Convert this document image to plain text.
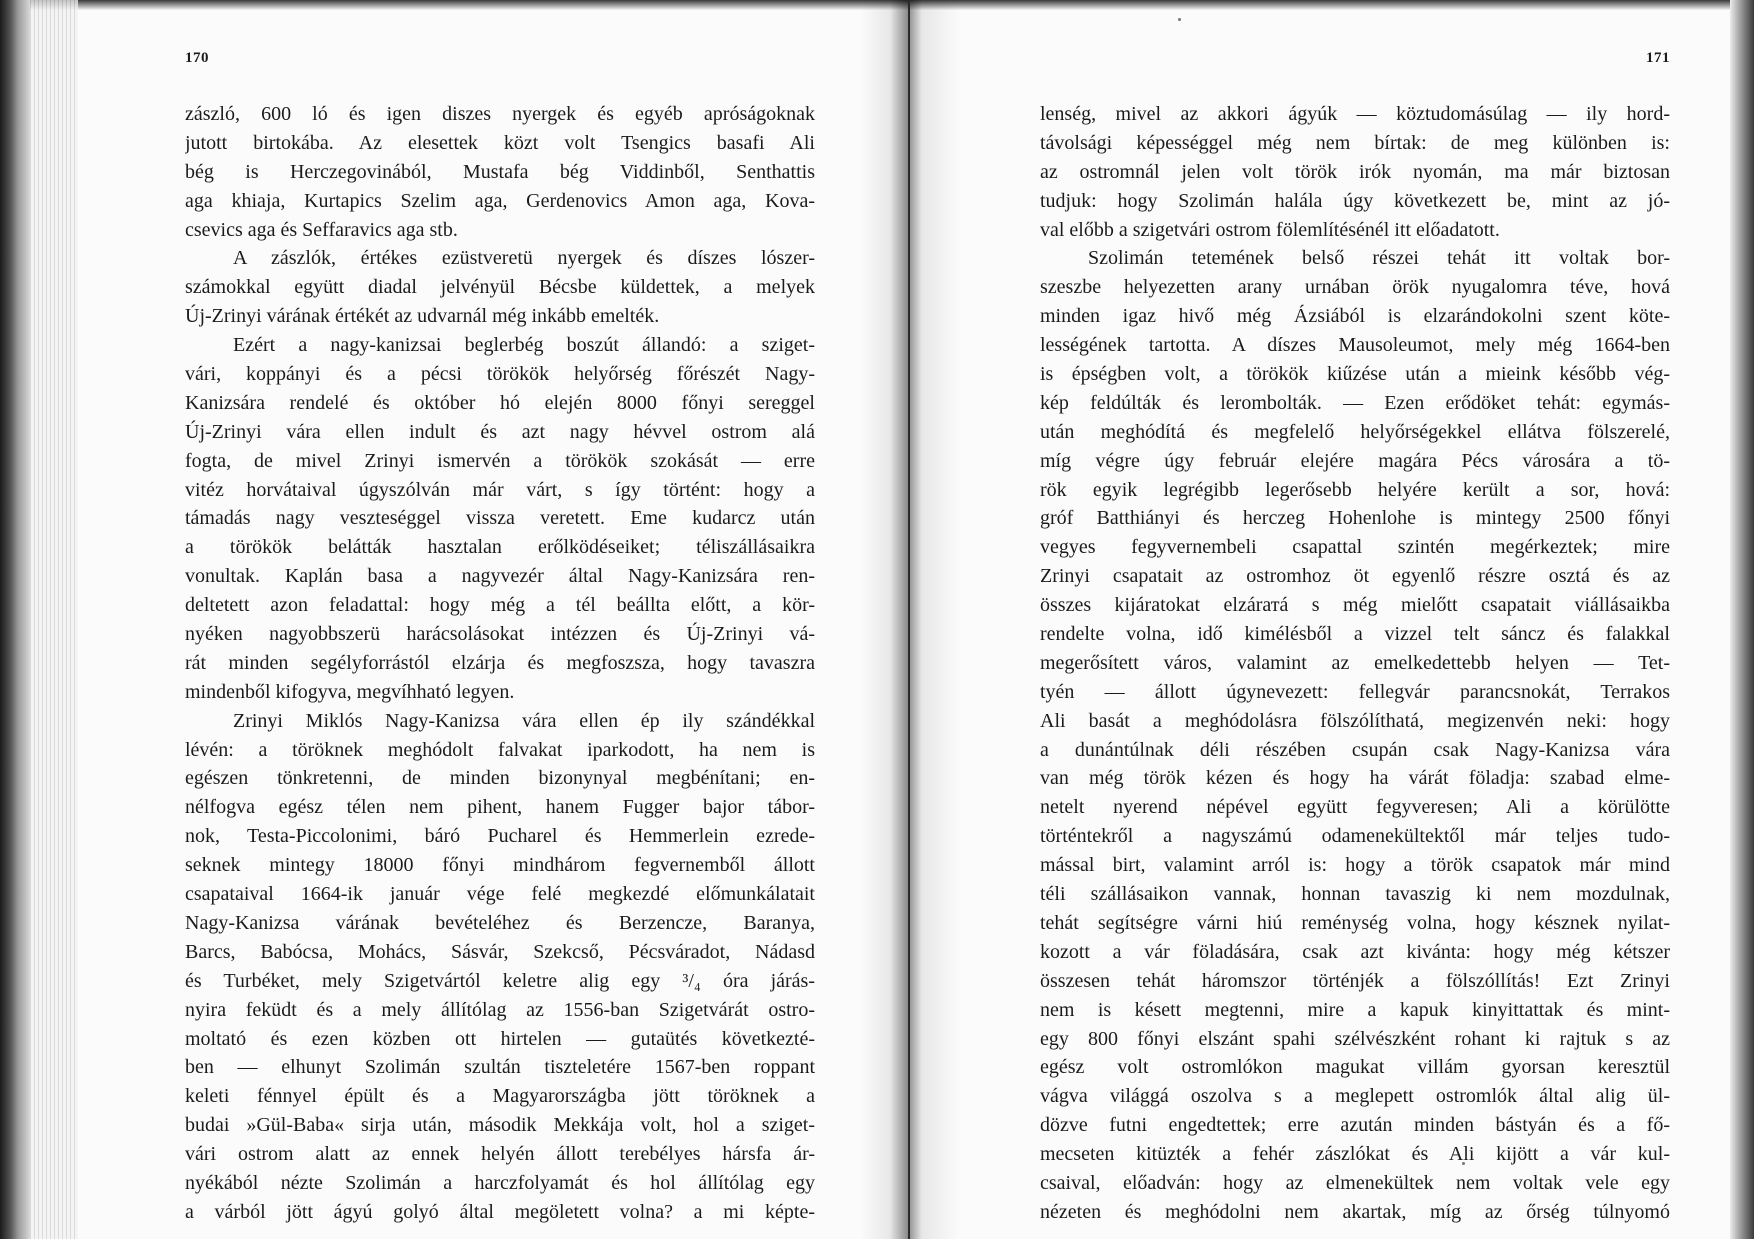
170
zászló, 600 ló és igen diszes nyergek és egyéb apróságoknak
jutott birtokába. Az elesettek közt volt Tsengics basafi Ali
bég is Herczegovinából, Mustafa bég Viddinből, Senthattis
aga khiaja, Kurtapics Szelim aga, Gerdenovics Amon aga, Kova-
csevics aga és Seffaravics aga stb.
A zászlók, értékes ezüstveretü nyergek és díszes lószer-
számokkal együtt diadal jelvényül Bécsbe küldettek, a melyek
Új-Zrinyi várának értékét az udvarnál még inkább emelték.
Ezért a nagy-kanizsai beglerbég boszút állandó: a sziget-
vári, koppányi és a pécsi törökök helyőrség főrészét Nagy-
Kanizsára rendelé és október hó elején 8000 főnyi sereggel
Új-Zrinyi vára ellen indult és azt nagy hévvel ostrom alá
fogta, de mivel Zrinyi ismervén a törökök szokását — erre
vitéz horvátaival úgyszólván már várt, s így történt: hogy a
támadás nagy veszteséggel vissza veretett. Eme kudarcz után
a törökök belátták hasztalan erőlködéseiket; téliszállásaikra
vonultak. Kaplán basa a nagyvezér által Nagy-Kanizsára ren-
deltetett azon feladattal: hogy még a tél beállta előtt, a kör-
nyéken nagyobbszerü harácsolásokat intézzen és Új-Zrinyi vá-
rát minden segélyforrástól elzárja és megfoszsza, hogy tavaszra
mindenből kifogyva, megvíhható legyen.
Zrinyi Miklós Nagy-Kanizsa vára ellen ép ily szándékkal
lévén: a töröknek meghódolt falvakat iparkodott, ha nem is
egészen tönkretenni, de minden bizonynyal megbénítani; en-
nélfogva egész télen nem pihent, hanem Fugger bajor tábor-
nok, Testa-Piccolonimi, báró Pucharel és Hemmerlein ezrede-
seknek mintegy 18000 főnyi mindhárom fegvernemből állott
csapataival 1664-ik január vége felé megkezdé előmunkálatait
Nagy-Kanizsa várának bevételéhez és Berzencze, Baranya,
Barcs, Babócsa, Mohács, Sásvár, Szekcső, Pécsváradot, Nádasd
és Turbéket, mely Szigetvártól keletre alig egy ³/₄ óra járás-
nyira feküdt és a mely állítólag az 1556-ban Szigetvárát ostro-
moltató és ezen közben ott hirtelen — gutaütés következté-
ben — elhunyt Szolimán szultán tiszteletére 1567-ben roppant
keleti fénnyel épült és a Magyarországba jött töröknek a
budai »Gül-Baba« sirja után, második Mekkája volt, hol a sziget-
vári ostrom alatt az ennek helyén állott terebélyes hársfa ár-
nyékából nézte Szolimán a harczfolyamát és hol állítólag egy
a várból jött ágyú golyó által megöletett volna? a mi képte-
171
lenség, mivel az akkori ágyúk — köztudomásúlag — ily hord-
távolsági képességgel még nem bírtak: de meg különben is:
az ostromnál jelen volt török irók nyomán, ma már biztosan
tudjuk: hogy Szolimán halála úgy következett be, mint az jó-
val előbb a szigetvári ostrom fölemlítésénél itt előadatott.
Szolimán tetemének belső részei tehát itt voltak bor-
szeszbe helyezetten arany urnában örök nyugalomra téve, hová
minden igaz hivő még Ázsiából is elzarándokolni szent köte-
lességének tartotta. A díszes Mausoleumot, mely még 1664-ben
is épségben volt, a törökök kiűzése után a mieink később vég-
kép feldúlták és lerombolták. — Ezen erődöket tehát: egymás-
után meghódítá és megfelelő helyőrségekkel ellátva fölszerelé,
míg végre úgy február elejére magára Pécs városára a tö-
rök egyik legrégibb legerősebb helyére került a sor, hová:
gróf Batthiányi és herczeg Hohenlohe is mintegy 2500 főnyi
vegyes fegyvernembeli csapattal szintén megérkeztek; mire
Zrinyi csapatait az ostromhoz öt egyenlő részre osztá és az
összes kijáratokat elzárатá s még mielőtt csapatait viállásaikba
rendelte volna, idő kimélésből a vizzel telt sáncz és falakkal
megerősített város, valamint az emelkedettebb helyen — Tet-
tyén — állott úgynevezett: fellegvár parancsnokát, Terrakos
Ali basát a meghódolásra fölszólíthatá, megizenvén neki: hogy
a dunántúlnak déli részében csupán csak Nagy-Kanizsa vára
van még török kézen és hogy ha várát föladja: szabad elme-
netelt nyerend népével együtt fegyveresen; Ali a körülötte
történtekről a nagyszámú odamenekültektől már teljes tudo-
mással birt, valamint arról is: hogy a török csapatok már mind
téli szállásaikon vannak, honnan tavaszig ki nem mozdulnak,
tehát segítségre várni hiú reménység volna, hogy késznek nyilat-
kozott a vár föladására, csak azt kivánta: hogy még kétszer
összesen tehát háromszor történjék a fölszóllítás! Ezt Zrinyi
nem is késett megtenni, mire a kapuk kinyittattak és mint-
egy 800 főnyi elszánt spahi szélvészként rohant ki rajtuk s az
egész volt ostromlókon magukat villám gyorsan keresztül
vágva világgá oszolva s a meglepett ostromlók által alig ül-
dözve futni engedtettek; erre azután minden bástyán és a fő-
mecseten kitüzték a fehér zászlókat és Ali kijött a vár kul-
csaival, előadván: hogy az elmenekültek nem voltak vele egy
nézeten és meghódolni nem akartak, míg az őrség túlnyomó
